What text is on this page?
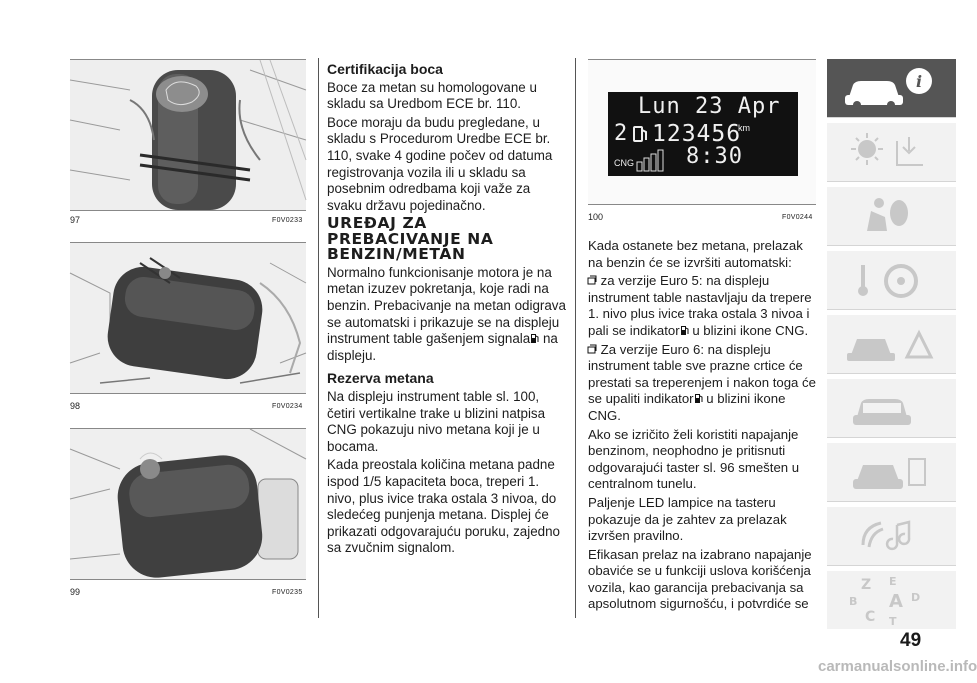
97	F0V0233
98	F0V0234
99	F0V0235

Certifikacija boca

Boce za metan su homologovane u skladu sa Uredbom ECE br. 110.

Boce moraju da budu pregledane, u skladu s Procedurom Uredbe ECE br. 110, svake 4 godine počev od datuma registrovanja vozila ili u skladu sa posebnim odredbama koji važe za svaku državu pojedinačno.

UREĐAJ ZA PREBACIVANJE NA BENZIN/METAN

Normalno funkcionisanje motora je na metan izuzev pokretanja, koje radi na benzin. Prebacivanje na metan odigrava se automatski i prikazuje se na displeju instrument table gašenjem signala na displeju.

Rezerva metana

Na displeju instrument table sl. 100, četiri vertikalne trake u blizini natpisa CNG pokazuju nivo metana koji je u bocama.

Kada preostala količina metana padne ispod 1/5 kapaciteta boca, treperi 1. nivo, plus ivice traka ostala 3 nivoa, do sledećeg punjenja metana. Displej će prikazati odgovarajuću poruku, zajedno sa zvučnim signalom.

Lun 23 Apr
2 123456
km
CNG 8:30
100	F0V0244

Kada ostanete bez metana, prelazak na benzin će se izvršiti automatski:

za verzije Euro 5: na displeju instrument table nastavljaju da trepere 1. nivo plus ivice traka ostala 3 nivoa i pali se indikator u blizini ikone CNG.

Za verzije Euro 6: na displeju instrument table sve prazne crtice će prestati sa treperenjem i nakon toga će se upaliti indikator u blizini ikone CNG.

Ako se izričito želi koristiti napajanje benzinom, neophodno je pritisnuti odgovarajući taster sl. 96 smešten u centralnom tunelu.

Paljenje LED lampice na tasteru pokazuje da je zahtev za prelazak izvršen pravilno.

Efikasan prelaz na izabrano napajanje obaviće se u funkciji uslova korišćenja vozila, kao garancija prebacivanja sa apsolutnom sigurnošću, i potvrdiće se

i
Z E
B A D
C T
49
carmanualsonline.info
